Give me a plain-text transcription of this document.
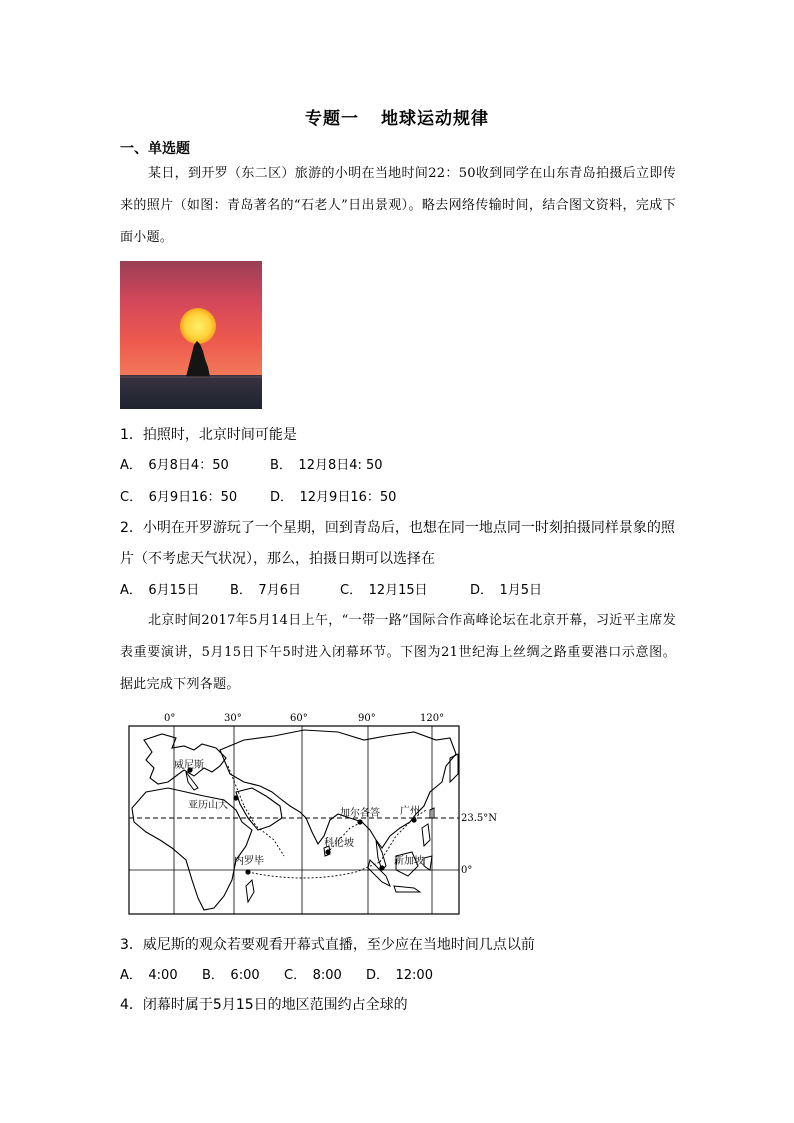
专题一 地球运动规律
一、单选题
某日，到开罗（东二区）旅游的小明在当地时间22：50收到同学在山东青岛拍摄后立即传来的照片（如图：青岛著名的“石老人”日出景观）。略去网络传输时间，结合图文资料，完成下面小题。
1．拍照时，北京时间可能是
A．　6月8日4：50	B．　12月8日4: 50
C．　6月9日16：50	D．　12月9日16：50
2．小明在开罗游玩了一个星期，回到青岛后，也想在同一地点同一时刻拍摄同样景象的照片（不考虑天气状况），那么，拍摄日期可以选择在
A．　6月15日 B．　7月6日	C．　12月15日	D．　1月5日
北京时间2017年5月14日上午，“一带一路”国际合作高峰论坛在北京开幕，习近平主席发表重要演讲，5月15日下午5时进入闭幕环节。下图为21世纪海上丝绸之路重要港口示意图。据此完成下列各题。
0°	30°	60°	90°	120°
23.5°N
0°
威尼斯
亚历山大
内罗毕
加尔各答 广州
科伦坡
新加坡
3．威尼斯的观众若要观看开幕式直播，至少应在当地时间几点以前
A．　4:00 B．　6:00 C．　8:00 D．　12:00
4．闭幕时属于5月15日的地区范围约占全球的
